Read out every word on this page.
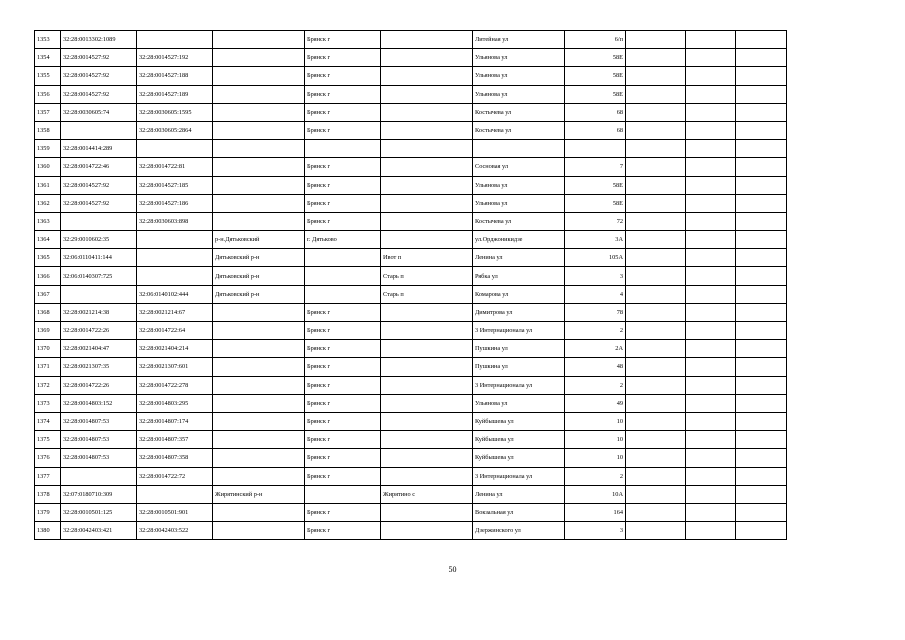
1353	32:28:0013302:1089			Брянск г		Литейная ул	6/п			
1354	32:28:0014527:92	32:28:0014527:192		Брянск г		Ульянова ул	58Е			
1355	32:28:0014527:92	32:28:0014527:188		Брянск г		Ульянова ул	58Е			
1356	32:28:0014527:92	32:28:0014527:189		Брянск г		Ульянова ул	58Е			
1357	32:28:0030605:74	32:28:0030605:1595		Брянск г		Костычева ул	68			
1358		32:28:0030605:2864		Брянск г		Костычева ул	68			
1359	32:28:0014414:289									
1360	32:28:0014722:46	32:28:0014722:81		Брянск г		Сосновая ул	7			
1361	32:28:0014527:92	32:28:0014527:185		Брянск г		Ульянова ул	58Е			
1362	32:28:0014527:92	32:28:0014527:186		Брянск г		Ульянова ул	58Е			
1363		32:28:0030603:898		Брянск г		Костычева ул	72			
1364	32:29:0010602:35		р-н.Дятьковский	г. Дятьково		ул.Орджоникидзе	3А			
1365	32:06:0110411:144		Дятьковский р-н		Ивот п	Ленина ул	105А			
1366	32:06:0140307:725		Дятьковский р-н		Старь п	Рябка ул	3			
1367		32:06:0140102:444	Дятьковский р-н		Старь п	Комарова ул	4			
1368	32:28:0021214:38	32:28:0021214:67		Брянск г		Димитрова ул	78			
1369	32:28:0014722:26	32:28:0014722:64		Брянск г		3 Интернационала ул	2			
1370	32:28:0021404:47	32:28:0021404:214		Брянск г		Пушкина ул	2А			
1371	32:28:0021307:35	32:28:0021307:601		Брянск г		Пушкина ул	48			
1372	32:28:0014722:26	32:28:0014722:278		Брянск г		3 Интернационала ул	2			
1373	32:28:0014803:152	32:28:0014803:295		Брянск г		Ульянова ул	49			
1374	32:28:0014807:53	32:28:0014807:174		Брянск г		Куйбышева ул	10			
1375	32:28:0014807:53	32:28:0014807:357		Брянск г		Куйбышева ул	10			
1376	32:28:0014807:53	32:28:0014807:358		Брянск г		Куйбышева ул	10			
1377		32:28:0014722:72		Брянск г		3 Интернационала ул	2			
1378	32:07:0180710:309		Жирятинский р-н		Жирятино с	Ленина ул	10А			
1379	32:28:0010501:125	32:28:0010501:901		Брянск г		Вокзальная ул	164			
1380	32:28:0042403:421	32:28:0042403:522		Брянск г		Дзержинского ул	3			
50
